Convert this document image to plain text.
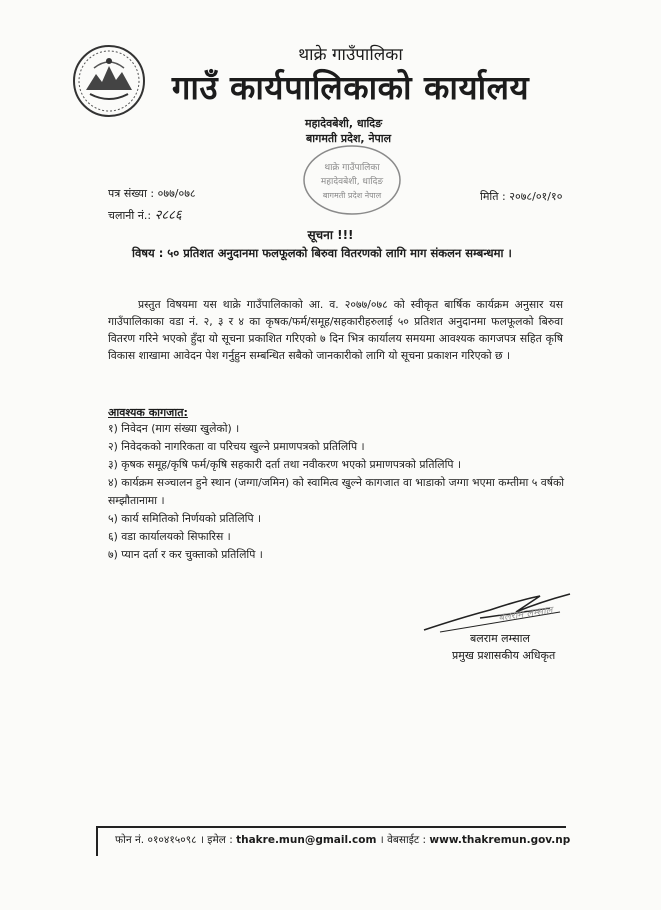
थाक्रे गाउँपालिका
गाउँ कार्यपालिकाको कार्यालय
महादेवबेशी, धादिङ
बागमती प्रदेश, नेपाल
थाक्रे गाउँपालिका
महादेवबेशी, धादिङ
बागमती प्रदेश नेपाल
पत्र संख्या : ०७७/०७८
चलानी नं.: २८८६
मिति : २०७८/०१/१०
सूचना !!!
विषय : ५० प्रतिशत अनुदानमा फलफूलको बिरुवा वितरणको लागि माग संकलन सम्बन्धमा ।
प्रस्तुत विषयमा यस थाक्रे गाउँपालिकाको आ. व. २०७७/०७८ को स्वीकृत बार्षिक कार्यक्रम अनुसार यस गाउँपालिकाका वडा नं. २, ३ र ४ का कृषक/फर्म/समूह/सहकारीहरुलाई ५० प्रतिशत अनुदानमा फलफूलको बिरुवा वितरण गरिने भएको हुँदा यो सूचना प्रकाशित गरिएको ७ दिन भित्र कार्यालय समयमा आवश्यक कागजपत्र सहित कृषि विकास शाखामा आवेदन पेश गर्नुहुन सम्बन्धित सबैको जानकारीको लागि यो सूचना प्रकाशन गरिएको छ ।
आवश्यक कागजात:
१) निवेदन (माग संख्या खुलेको) ।
२) निवेदकको नागरिकता वा परिचय खुल्ने प्रमाणपत्रको प्रतिलिपि ।
३) कृषक समूह/कृषि फर्म/कृषि सहकारी दर्ता तथा नवीकरण भएको प्रमाणपत्रको प्रतिलिपि ।
४) कार्यक्रम सञ्चालन हुने स्थान (जग्गा/जमिन) को स्वामित्व खुल्ने कागजात वा भाडाको जग्गा भएमा कम्तीमा ५ वर्षको सम्झौतानामा ।
५) कार्य समितिको निर्णयको प्रतिलिपि ।
६) वडा कार्यालयको सिफारिस ।
७) प्यान दर्ता र कर चुक्ताको प्रतिलिपि ।
बलराम लम्साल
बलराम लम्साल
प्रमुख प्रशासकीय अधिकृत
फोन नं. ०१०४१५०९८ । इमेल : thakre.mun@gmail.com । वेबसाईट : www.thakremun.gov.np
